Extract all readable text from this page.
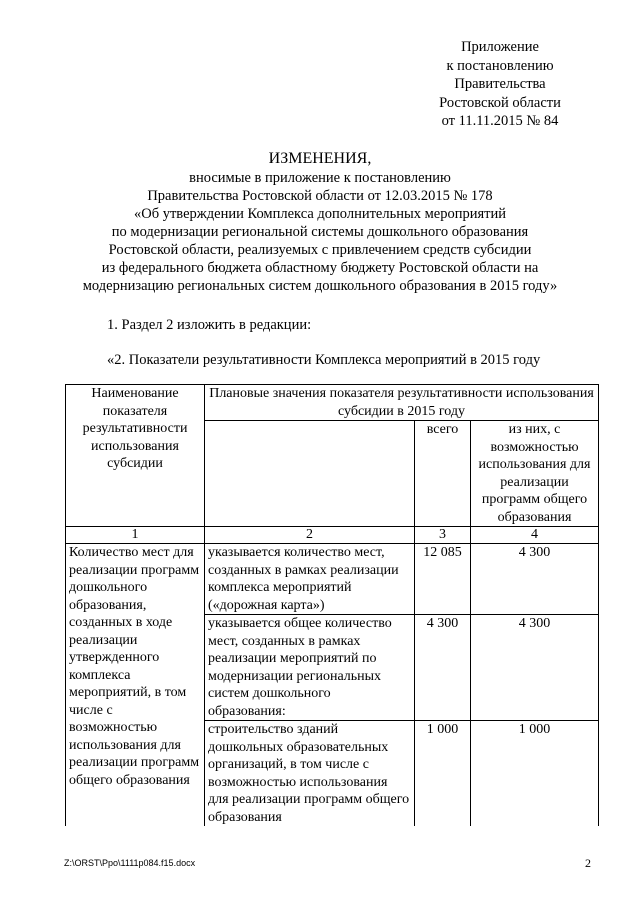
Приложение
к постановлению
Правительства
Ростовской области
от 11.11.2015 № 84
ИЗМЕНЕНИЯ,
вносимые в приложение к постановлению
Правительства Ростовской области от 12.03.2015 № 178
«Об утверждении Комплекса дополнительных мероприятий
по модернизации региональной системы дошкольного образования
Ростовской области, реализуемых с привлечением средств субсидии
из федерального бюджета областному бюджету Ростовской области на
модернизацию региональных систем дошкольного образования в 2015 году»
1. Раздел 2 изложить в редакции:
«2. Показатели результативности Комплекса мероприятий в 2015 году
Наименование показателя результативности использования субсидии	Плановые значения показателя результативности использования субсидии в 2015 году		
		всего	из них, с возможностью использования для реализации программ общего образования
1	2	3	4
Количество мест для реализации программ дошкольного образования, созданных в ходе реализации утвержденного комплекса мероприятий, в том числе с возможностью использования для реализации программ общего образования	указывается количество мест, созданных в рамках реализации комплекса мероприятий («дорожная карта»)	12 085	4 300
	указывается общее количество мест, созданных в рамках реализации мероприятий по модернизации региональных систем дошкольного образования:	4 300	4 300
	строительство зданий дошкольных образовательных организаций, в том числе с возможностью использования для реализации программ общего образования	1 000	1 000
Z:\ORST\Ppo\1111p084.f15.docx	2
